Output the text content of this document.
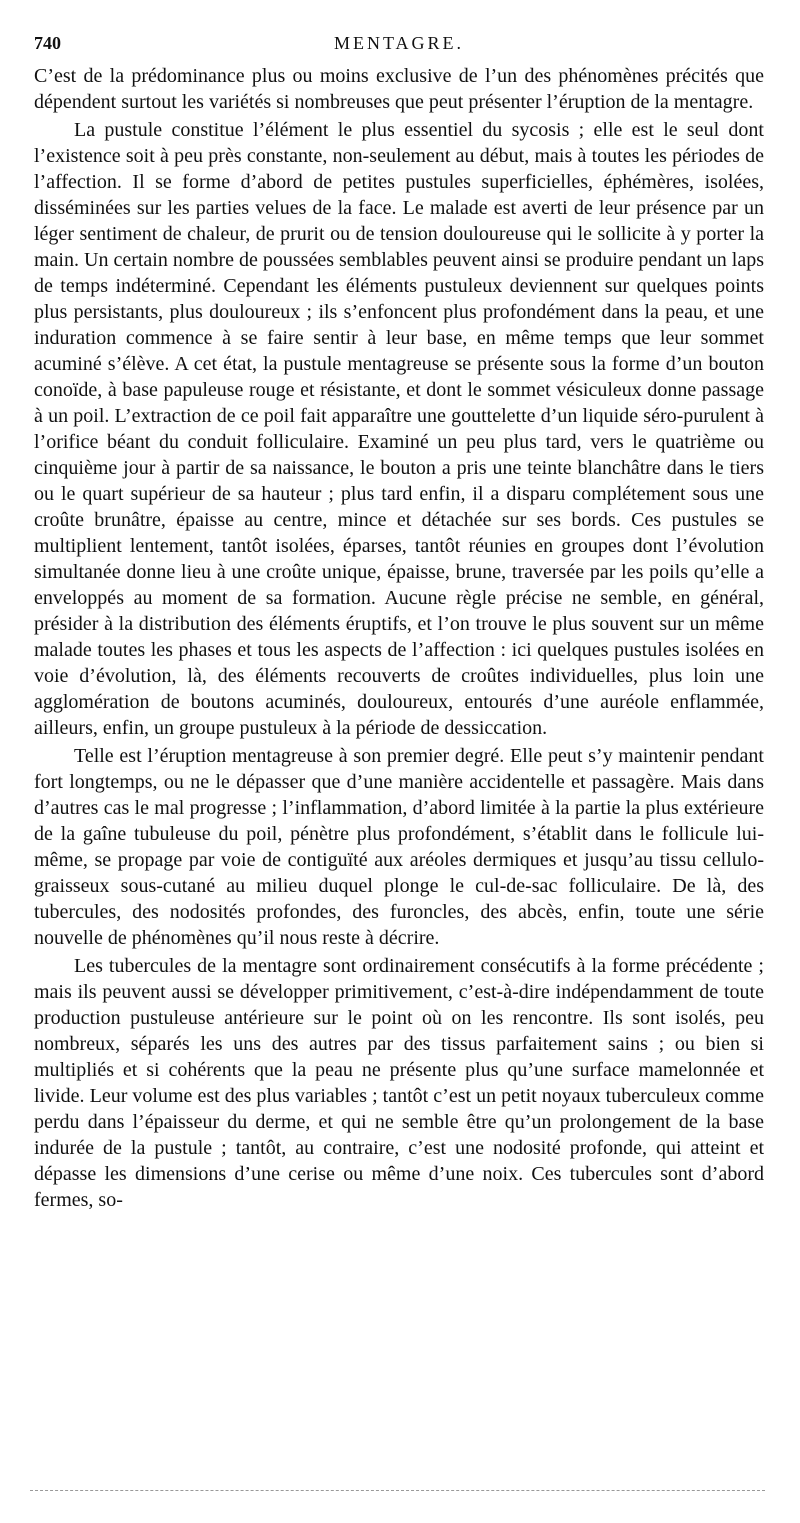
740	MENTAGRE.

C’est de la prédominance plus ou moins exclusive de l’un des phénomènes précités que dépendent surtout les variétés si nombreuses que peut présenter l’éruption de la mentagre.

La pustule constitue l’élément le plus essentiel du sycosis ; elle est le seul dont l’existence soit à peu près constante, non-seulement au début, mais à toutes les périodes de l’affection. Il se forme d’abord de petites pustules superficielles, éphémères, isolées, disséminées sur les parties velues de la face. Le malade est averti de leur présence par un léger sentiment de chaleur, de prurit ou de tension douloureuse qui le sollicite à y porter la main. Un certain nombre de poussées semblables peuvent ainsi se produire pendant un laps de temps indéterminé. Cependant les éléments pustuleux deviennent sur quelques points plus persistants, plus douloureux ; ils s’enfoncent plus profondément dans la peau, et une induration commence à se faire sentir à leur base, en même temps que leur sommet acuminé s’élève. A cet état, la pustule mentagreuse se présente sous la forme d’un bouton conoïde, à base papuleuse rouge et résistante, et dont le sommet vésiculeux donne passage à un poil. L’extraction de ce poil fait apparaître une gouttelette d’un liquide séro-purulent à l’orifice béant du conduit folliculaire. Examiné un peu plus tard, vers le quatrième ou cinquième jour à partir de sa naissance, le bouton a pris une teinte blanchâtre dans le tiers ou le quart supérieur de sa hauteur ; plus tard enfin, il a disparu complétement sous une croûte brunâtre, épaisse au centre, mince et détachée sur ses bords. Ces pustules se multiplient lentement, tantôt isolées, éparses, tantôt réunies en groupes dont l’évolution simultanée donne lieu à une croûte unique, épaisse, brune, traversée par les poils qu’elle a enveloppés au moment de sa formation. Aucune règle précise ne semble, en général, présider à la distribution des éléments éruptifs, et l’on trouve le plus souvent sur un même malade toutes les phases et tous les aspects de l’affection : ici quelques pustules isolées en voie d’évolution, là, des éléments recouverts de croûtes individuelles, plus loin une agglomération de boutons acuminés, douloureux, entourés d’une auréole enflammée, ailleurs, enfin, un groupe pustuleux à la période de dessiccation.

Telle est l’éruption mentagreuse à son premier degré. Elle peut s’y maintenir pendant fort longtemps, ou ne le dépasser que d’une manière accidentelle et passagère. Mais dans d’autres cas le mal progresse ; l’inflammation, d’abord limitée à la partie la plus extérieure de la gaîne tubuleuse du poil, pénètre plus profondément, s’établit dans le follicule lui-même, se propage par voie de contiguïté aux aréoles dermiques et jusqu’au tissu cellulo-graisseux sous-cutané au milieu duquel plonge le cul-de-sac folliculaire. De là, des tubercules, des nodosités profondes, des furoncles, des abcès, enfin, toute une série nouvelle de phénomènes qu’il nous reste à décrire.

Les tubercules de la mentagre sont ordinairement consécutifs à la forme précédente ; mais ils peuvent aussi se développer primitivement, c’est-à-dire indépendamment de toute production pustuleuse antérieure sur le point où on les rencontre. Ils sont isolés, peu nombreux, séparés les uns des autres par des tissus parfaitement sains ; ou bien si multipliés et si cohérents que la peau ne présente plus qu’une surface mamelonnée et livide. Leur volume est des plus variables ; tantôt c’est un petit noyaux tuberculeux comme perdu dans l’épaisseur du derme, et qui ne semble être qu’un prolongement de la base indurée de la pustule ; tantôt, au contraire, c’est une nodosité profonde, qui atteint et dépasse les dimensions d’une cerise ou même d’une noix. Ces tubercules sont d’abord fermes, so-
